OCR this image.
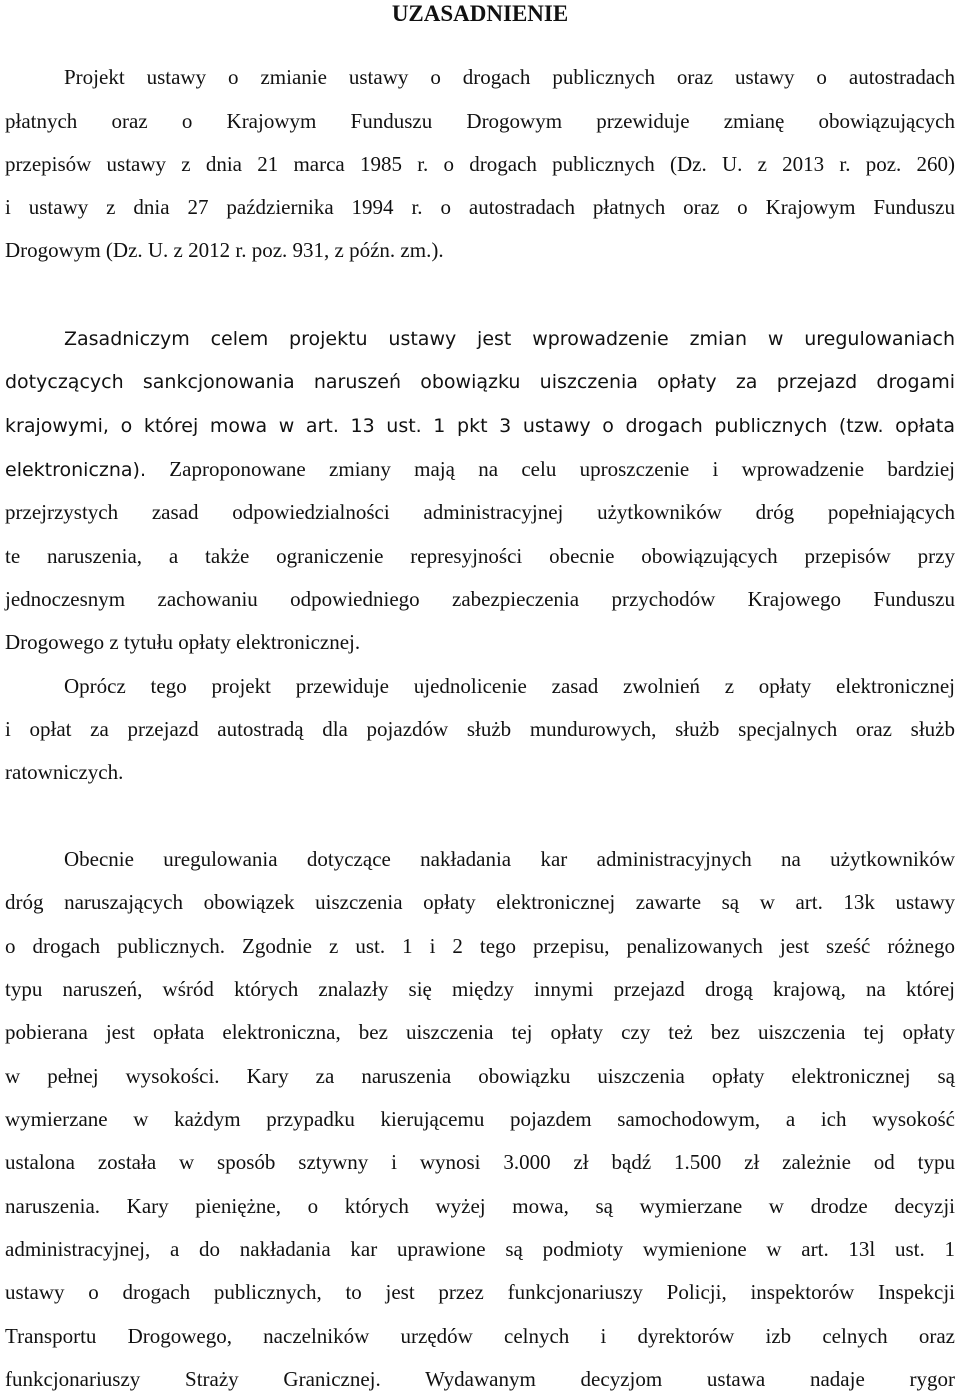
UZASADNIENIE
Projekt ustawy o zmianie ustawy o drogach publicznych oraz ustawy o autostradach
płatnych oraz o Krajowym Funduszu Drogowym przewiduje zmianę obowiązujących
przepisów ustawy z dnia 21 marca 1985 r. o drogach publicznych (Dz. U. z 2013 r. poz. 260)
i ustawy z dnia 27 października 1994 r. o autostradach płatnych oraz o Krajowym Funduszu
Drogowym (Dz. U. z 2012 r. poz. 931, z późn. zm.).
Zasadniczym celem projektu ustawy jest wprowadzenie zmian w uregulowaniach
dotyczących sankcjonowania naruszeń obowiązku uiszczenia opłaty za przejazd drogami
krajowymi, o której mowa w art. 13 ust. 1 pkt 3 ustawy o drogach publicznych (tzw. opłata
elektroniczna). Zaproponowane zmiany mają na celu uproszczenie i wprowadzenie bardziej
przejrzystych zasad odpowiedzialności administracyjnej użytkowników dróg popełniających
te naruszenia, a także ograniczenie represyjności obecnie obowiązujących przepisów przy
jednoczesnym zachowaniu odpowiedniego zabezpieczenia przychodów Krajowego Funduszu
Drogowego z tytułu opłaty elektronicznej.
Oprócz tego projekt przewiduje ujednolicenie zasad zwolnień z opłaty elektronicznej
i opłat za przejazd autostradą dla pojazdów służb mundurowych, służb specjalnych oraz służb
ratowniczych.
Obecnie uregulowania dotyczące nakładania kar administracyjnych na użytkowników
dróg naruszających obowiązek uiszczenia opłaty elektronicznej zawarte są w art. 13k ustawy
o drogach publicznych. Zgodnie z ust. 1 i 2 tego przepisu, penalizowanych jest sześć różnego
typu naruszeń, wśród których znalazły się między innymi przejazd drogą krajową, na której
pobierana jest opłata elektroniczna, bez uiszczenia tej opłaty czy też bez uiszczenia tej opłaty
w pełnej wysokości. Kary za naruszenia obowiązku uiszczenia opłaty elektronicznej są
wymierzane w każdym przypadku kierującemu pojazdem samochodowym, a ich wysokość
ustalona została w sposób sztywny i wynosi 3.000 zł bądź 1.500 zł zależnie od typu
naruszenia. Kary pieniężne, o których wyżej mowa, są wymierzane w drodze decyzji
administracyjnej, a do nakładania kar uprawione są podmioty wymienione w art. 13l ust. 1
ustawy o drogach publicznych, to jest przez funkcjonariuszy Policji, inspektorów Inspekcji
Transportu Drogowego, naczelników urzędów celnych i dyrektorów izb celnych oraz
funkcjonariuszy Straży Granicznej. Wydawanym decyzjom ustawa nadaje rygor
